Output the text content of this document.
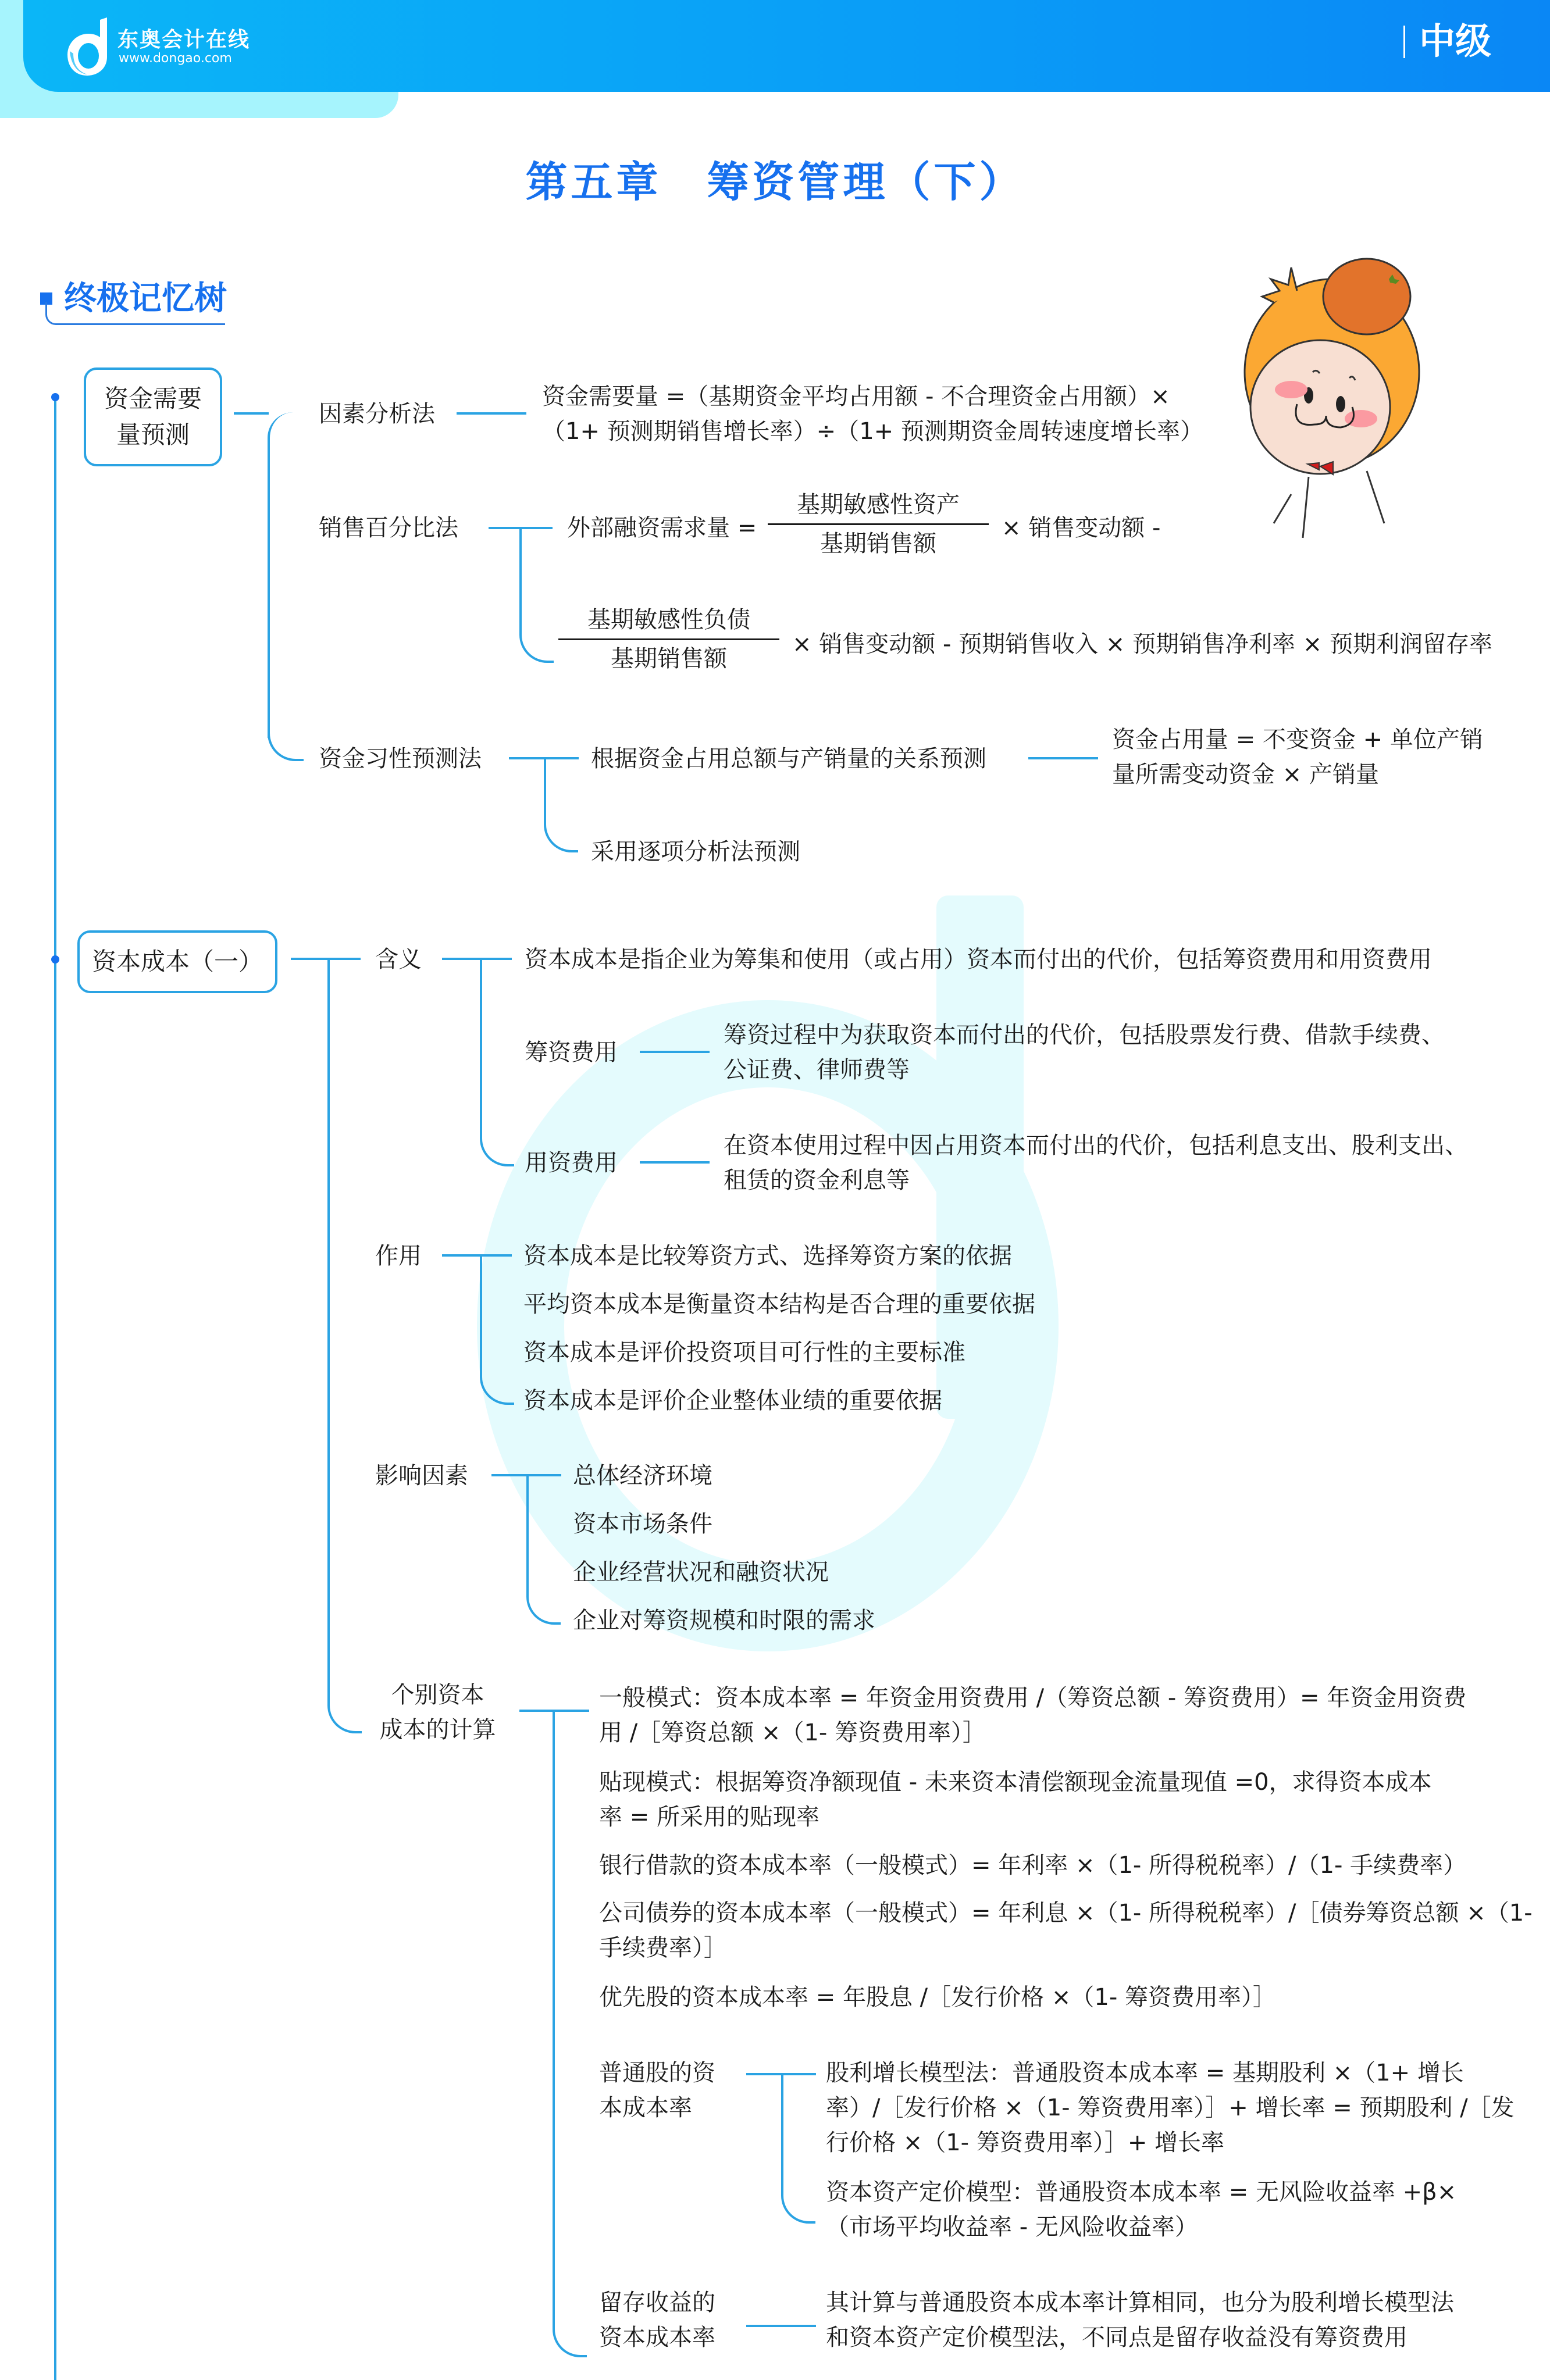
东奥会计在线
www.dongao.com	中级
第五章　筹资管理（下）
终极记忆树
资金需要
量预测
因素分析法
资金需要量 =（基期资金平均占用额 - 不合理资金占用额）×
（1+ 预测期销售增长率）÷（1+ 预测期资金周转速度增长率）
销售百分比法	外部融资需求量 =
基期敏感性资产
基期销售额
× 销售变动额 -
基期敏感性负债
基期销售额
× 销售变动额 - 预期销售收入 × 预期销售净利率 × 预期利润留存率
资金习性预测法	根据资金占用总额与产销量的关系预测
资金占用量 = 不变资金 + 单位产销
量所需变动资金 × 产销量
采用逐项分析法预测
资本成本（一）	含义	资本成本是指企业为筹集和使用（或占用）资本而付出的代价，包括筹资费用和用资费用
筹资费用
筹资过程中为获取资本而付出的代价，包括股票发行费、借款手续费、
公证费、律师费等
用资费用
在资本使用过程中因占用资本而付出的代价，包括利息支出、股利支出、
租赁的资金利息等
作用	资本成本是比较筹资方式、选择筹资方案的依据
平均资本成本是衡量资本结构是否合理的重要依据
资本成本是评价投资项目可行性的主要标准
资本成本是评价企业整体业绩的重要依据
影响因素	总体经济环境
资本市场条件
企业经营状况和融资状况
企业对筹资规模和时限的需求
个别资本
成本的计算
一般模式：资本成本率 = 年资金用资费用 /（筹资总额 - 筹资费用）= 年资金用资费
用 /［筹资总额 ×（1- 筹资费用率）］
贴现模式：根据筹资净额现值 - 未来资本清偿额现金流量现值 =0，求得资本成本
率 = 所采用的贴现率
银行借款的资本成本率（一般模式）= 年利率 ×（1- 所得税税率）/（1- 手续费率）
公司债券的资本成本率（一般模式）= 年利息 ×（1- 所得税税率）/［债券筹资总额 ×（1-
手续费率）］
优先股的资本成本率 = 年股息 /［发行价格 ×（1- 筹资费用率）］
普通股的资
本成本率
股利增长模型法：普通股资本成本率 = 基期股利 ×（1+ 增长
率）/［发行价格 ×（1- 筹资费用率）］+ 增长率 = 预期股利 /［发
行价格 ×（1- 筹资费用率）］+ 增长率
资本资产定价模型：普通股资本成本率 = 无风险收益率 +β×
（市场平均收益率 - 无风险收益率）
留存收益的
资本成本率
其计算与普通股资本成本率计算相同，也分为股利增长模型法
和资本资产定价模型法，不同点是留存收益没有筹资费用
